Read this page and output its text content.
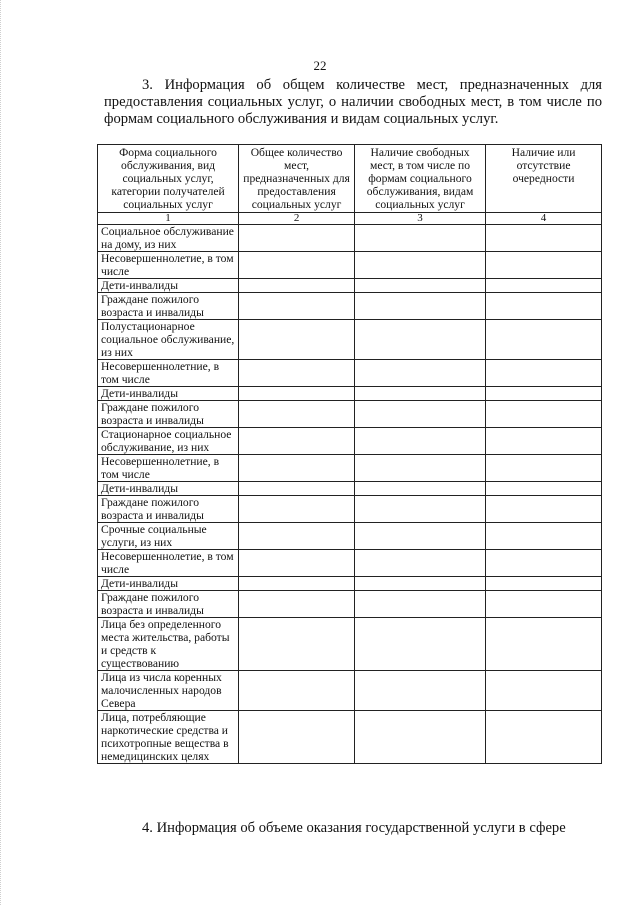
22
3. Информация об общем количестве мест, предназначенных для предоставления социальных услуг, о наличии свободных мест, в том числе по формам социального обслуживания и видам социальных услуг.
Форма социального обслуживания, вид социальных услуг, категории получателей социальных услуг	Общее количество мест, предназначенных для предоставления социальных услуг	Наличие свободных мест, в том числе по формам социального обслуживания, видам социальных услуг	Наличие или отсутствие очередности
1	2	3	4
Социальное обслуживание на дому, из них			
Несовершеннолетие, в том числе			
Дети-инвалиды			
Граждане пожилого возраста и инвалиды			
Полустационарное социальное обслуживание, из них			
Несовершеннолетние, в том числе			
Дети-инвалиды			
Граждане пожилого возраста и инвалиды			
Стационарное социальное обслуживание, из них			
Несовершеннолетние, в том числе			
Дети-инвалиды			
Граждане пожилого возраста и инвалиды			
Срочные социальные услуги, из них			
Несовершеннолетие, в том числе			
Дети-инвалиды			
Граждане пожилого возраста и инвалиды			
Лица без определенного места жительства, работы и средств к существованию			
Лица из числа коренных малочисленных народов Севера			
Лица, потребляющие наркотические средства и психотропные вещества в немедицинских целях			
4. Информация об объеме оказания государственной услуги в сфере
